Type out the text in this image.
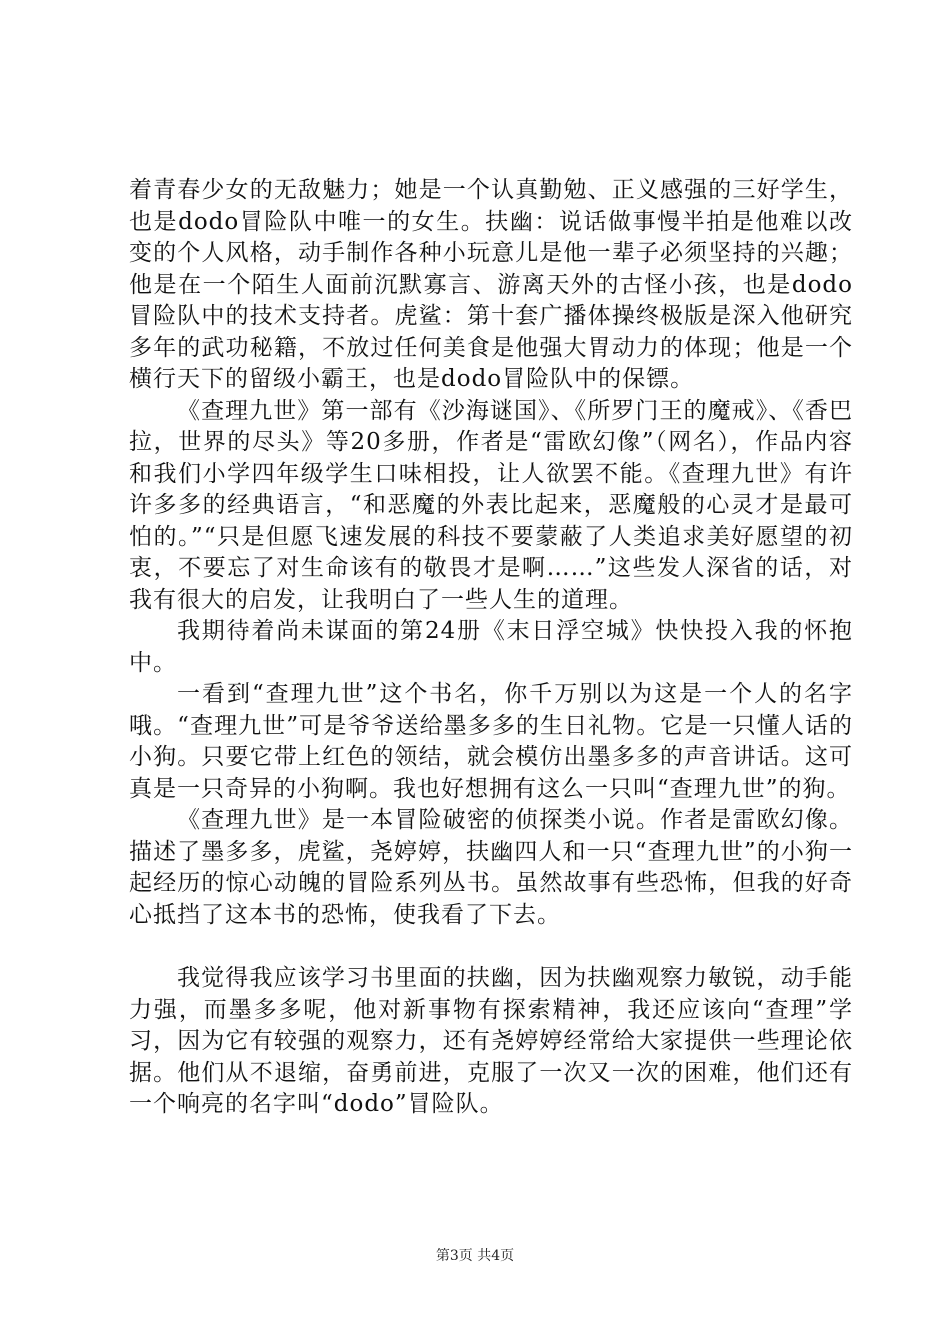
着青春少女的无敌魅力；她是一个认真勤勉、正义感强的三好学生，也是dodo冒险队中唯一的女生。扶幽：说话做事慢半拍是他难以改变的个人风格，动手制作各种小玩意儿是他一辈子必须坚持的兴趣；他是在一个陌生人面前沉默寡言、游离天外的古怪小孩，也是dodo冒险队中的技术支持者。虎鲨：第十套广播体操终极版是深入他研究多年的武功秘籍，不放过任何美食是他强大胃动力的体现；他是一个横行天下的留级小霸王，也是dodo冒险队中的保镖。

《查理九世》第一部有《沙海谜国》、《所罗门王的魔戒》、《香巴拉，世界的尽头》等20多册，作者是“雷欧幻像”（网名），作品内容和我们小学四年级学生口味相投，让人欲罢不能。《查理九世》有许许多多的经典语言，“和恶魔的外表比起来，恶魔般的心灵才是最可怕的。”“只是但愿飞速发展的科技不要蒙蔽了人类追求美好愿望的初衷，不要忘了对生命该有的敬畏才是啊……”这些发人深省的话，对我有很大的启发，让我明白了一些人生的道理。

我期待着尚未谋面的第24册《末日浮空城》快快投入我的怀抱中。

一看到“查理九世”这个书名，你千万别以为这是一个人的名字哦。“查理九世”可是爷爷送给墨多多的生日礼物。它是一只懂人话的小狗。只要它带上红色的领结，就会模仿出墨多多的声音讲话。这可真是一只奇异的小狗啊。我也好想拥有这么一只叫“查理九世”的狗。

《查理九世》是一本冒险破密的侦探类小说。作者是雷欧幻像。描述了墨多多，虎鲨，尧婷婷，扶幽四人和一只“查理九世”的小狗一起经历的惊心动魄的冒险系列丛书。虽然故事有些恐怖，但我的好奇心抵挡了这本书的恐怖，使我看了下去。

我觉得我应该学习书里面的扶幽，因为扶幽观察力敏锐，动手能力强，而墨多多呢，他对新事物有探索精神，我还应该向“查理”学习，因为它有较强的观察力，还有尧婷婷经常给大家提供一些理论依据。他们从不退缩，奋勇前进，克服了一次又一次的困难，他们还有一个响亮的名字叫“dodo”冒险队。

第3页 共4页
